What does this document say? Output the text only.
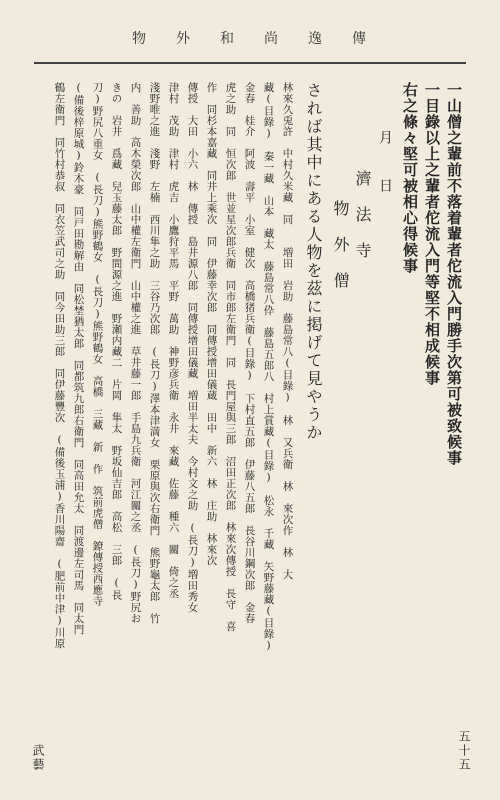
物 外 和 尚 逸 傳
一山僧之輩前不落着輩者佗流入門勝手次第可被致候事
一目錄以上之輩者佗流入門等堅不相成候事
右之條々堅可被相心得候事
月　　日
濟　法　寺
物　外　僧
されば其中にある人物を茲に掲げて見やうか
林來久兎許　中村久米藏　同　　増田　岩助　藤島常八(目錄)　林　又兵衛　林　來次作　林　大
藏(目錄)　秦一藏　山本　藏太　藤島常八伜　藤島五郎八　村上賞藏(目錄)　松永　千藏　矢野藤藏(目錄)
金春　桂介　阿波　壽平　小室　健次　高橋猪兵衛(目錄)　下村直五郎　伊藤八五郎　長谷川鋼次郎　金春
虎之助　同　恒次郎　世並星次郎兵衛　同市郎左衛門　同　長門屋與三郎　沼田正次郎　林來次傳授　長守　喜
作　同杉本嘉藏　同井上乘次　同　伊藤幸次郎　同傳授增田儀蔵　田中　新六　林　庄助　林來次
傳授　大田　小六　林　傳授　島井源八郎　同傳授增田儀藏　増田半太夫　今村文之助　(長刀)増田秀女
津村　茂助　津村　虎吉　小鷹狩平馬　平野　萬助　神野彦兵衛　永井　來藏　佐藤　種六　關　倚之丞
淺野唯之進　淺野　左楠　西川隼之助　三谷乃次郎　(長刀)澤本津満女　栗原與次右衛門　熊野龜太郎　竹
内　善助　高木榮次郎　山中權左衛門　山中權之進　草井藤一郎　手島九兵衛　河江關之丞　(長刀)野尻お
きの　岩井　爲藏　兒玉藤太郎　野間源之進　野瀬内藏二　片岡　隼太　野坂仙吉郎　高松　三郎　(長
刀)野尻八重女　(長刀)熊野鶴女　(長刀)熊野鶴女　高橋　三藏　新　作　筑前虎僧　鐐傳授西應寺
(備後梓原城)鈴木豪　同戸田勘解由　同松埜猶太郎　同都筑九郎右衛門　同高田允太　同渡邊左司馬　同太門
鶴左衛門　同竹村恭叔　同衣笠武司之助　同今田助三郎　同伊藤豐次　(備後玉浦)香川陽齋　(肥前中津)川原
武藝	五十五
